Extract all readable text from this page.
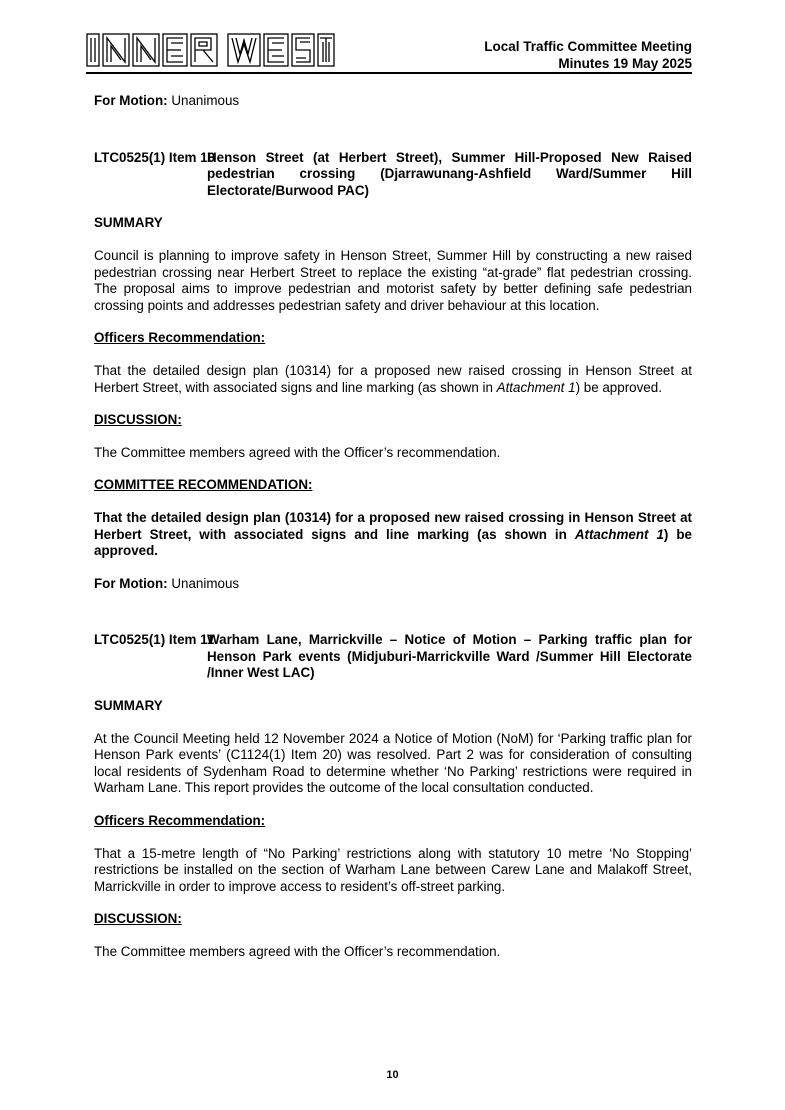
Local Traffic Committee Meeting
Minutes 19 May 2025

For Motion: Unanimous

LTC0525(1) Item 10
Henson Street (at Herbert Street), Summer Hill-Proposed New Raised pedestrian crossing (Djarrawunang-Ashfield Ward/Summer Hill Electorate/Burwood PAC)

SUMMARY

Council is planning to improve safety in Henson Street, Summer Hill by constructing a new raised pedestrian crossing near Herbert Street to replace the existing “at-grade” flat pedestrian crossing. The proposal aims to improve pedestrian and motorist safety by better defining safe pedestrian crossing points and addresses pedestrian safety and driver behaviour at this location.

Officers Recommendation:

That the detailed design plan (10314) for a proposed new raised crossing in Henson Street at Herbert Street, with associated signs and line marking (as shown in Attachment 1) be approved.

DISCUSSION:

The Committee members agreed with the Officer’s recommendation.

COMMITTEE RECOMMENDATION:

That the detailed design plan (10314) for a proposed new raised crossing in Henson Street at Herbert Street, with associated signs and line marking (as shown in Attachment 1) be approved.

For Motion: Unanimous

LTC0525(1) Item 11
Warham Lane, Marrickville – Notice of Motion – Parking traffic plan for Henson Park events (Midjuburi-Marrickville Ward /Summer Hill Electorate /Inner West LAC)

SUMMARY

At the Council Meeting held 12 November 2024 a Notice of Motion (NoM) for ‘Parking traffic plan for Henson Park events’ (C1124(1) Item 20) was resolved. Part 2 was for consideration of consulting local residents of Sydenham Road to determine whether ‘No Parking’ restrictions were required in Warham Lane. This report provides the outcome of the local consultation conducted.

Officers Recommendation:

That a 15-metre length of “No Parking’ restrictions along with statutory 10 metre ‘No Stopping’ restrictions be installed on the section of Warham Lane between Carew Lane and Malakoff Street, Marrickville in order to improve access to resident’s off-street parking.

DISCUSSION:

The Committee members agreed with the Officer’s recommendation.

10
